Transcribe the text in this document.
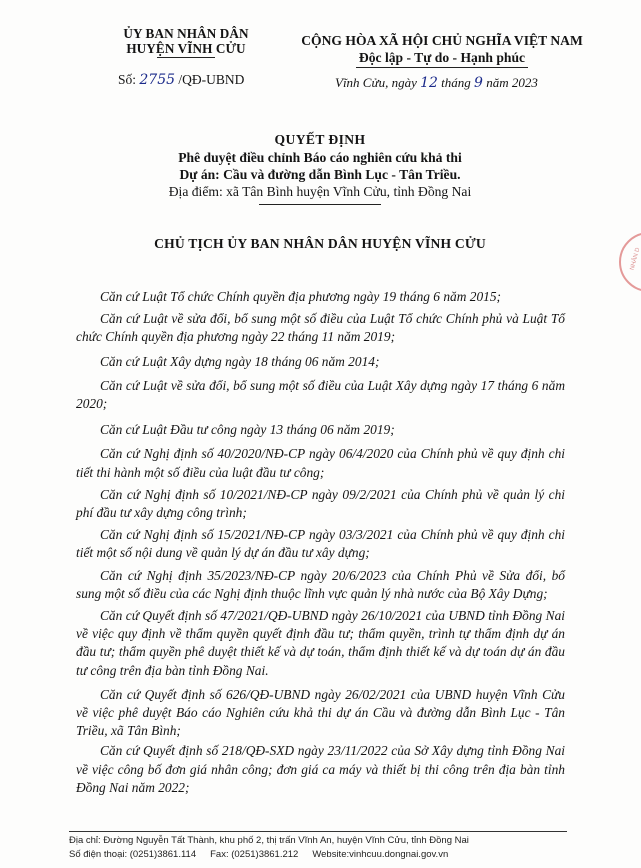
ỦY BAN NHÂN DÂN
HUYỆN VĨNH CỬU
Số: 2755 /QĐ-UBND
CỘNG HÒA XÃ HỘI CHỦ NGHĨA VIỆT NAM
Độc lập - Tự do - Hạnh phúc
Vĩnh Cửu, ngày 12 tháng 9 năm 2023
QUYẾT ĐỊNH
Phê duyệt điều chỉnh Báo cáo nghiên cứu khả thi
Dự án: Cầu và đường dẫn Bình Lục - Tân Triều.
Địa điểm: xã Tân Bình huyện Vĩnh Cửu, tỉnh Đồng Nai
CHỦ TỊCH ỦY BAN NHÂN DÂN HUYỆN VĨNH CỬU

Căn cứ Luật Tổ chức Chính quyền địa phương ngày 19 tháng 6 năm 2015;

Căn cứ Luật về sửa đổi, bổ sung một số điều của Luật Tổ chức Chính phủ và Luật Tổ chức Chính quyền địa phương ngày 22 tháng 11 năm 2019;

Căn cứ Luật Xây dựng ngày 18 tháng 06 năm 2014;

Căn cứ Luật về sửa đổi, bổ sung một số điều của Luật Xây dựng ngày 17 tháng 6 năm 2020;

Căn cứ Luật Đầu tư công ngày 13 tháng 06 năm 2019;

Căn cứ Nghị định số 40/2020/NĐ-CP ngày 06/4/2020 của Chính phủ về quy định chi tiết thi hành một số điều của luật đầu tư công;

Căn cứ Nghị định số 10/2021/NĐ-CP ngày 09/2/2021 của Chính phủ về quản lý chi phí đầu tư xây dựng công trình;

Căn cứ Nghị định số 15/2021/NĐ-CP ngày 03/3/2021 của Chính phủ về quy định chi tiết một số nội dung về quản lý dự án đầu tư xây dựng;

Căn cứ Nghị định 35/2023/NĐ-CP ngày 20/6/2023 của Chính Phủ về Sửa đổi, bổ sung một số điều của các Nghị định thuộc lĩnh vực quản lý nhà nước của Bộ Xây Dựng;

Căn cứ Quyết định số 47/2021/QĐ-UBND ngày 26/10/2021 của UBND tỉnh Đồng Nai về việc quy định về thẩm quyền quyết định đầu tư; thẩm quyền, trình tự thẩm định dự án đầu tư; thẩm quyền phê duyệt thiết kế và dự toán, thẩm định thiết kế và dự toán dự án đầu tư công trên địa bàn tỉnh Đồng Nai.

Căn cứ Quyết định số 626/QĐ-UBND ngày 26/02/2021 của UBND huyện Vĩnh Cửu về việc phê duyệt Báo cáo Nghiên cứu khả thi dự án Cầu và đường dẫn Bình Lục - Tân Triều, xã Tân Bình;

Căn cứ Quyết định số 218/QĐ-SXD ngày 23/11/2022 của Sở Xây dựng tỉnh Đồng Nai về việc công bố đơn giá nhân công; đơn giá ca máy và thiết bị thi công trên địa bàn tỉnh Đồng Nai năm 2022;

Địa chỉ: Đường Nguyễn Tất Thành, khu phố 2, thị trấn Vĩnh An, huyện Vĩnh Cửu, tỉnh Đồng Nai
Số điện thoại: (0251)3861.114 Fax: (0251)3861.212 Website:vinhcuu.dongnai.gov.vn
NHÂN D
